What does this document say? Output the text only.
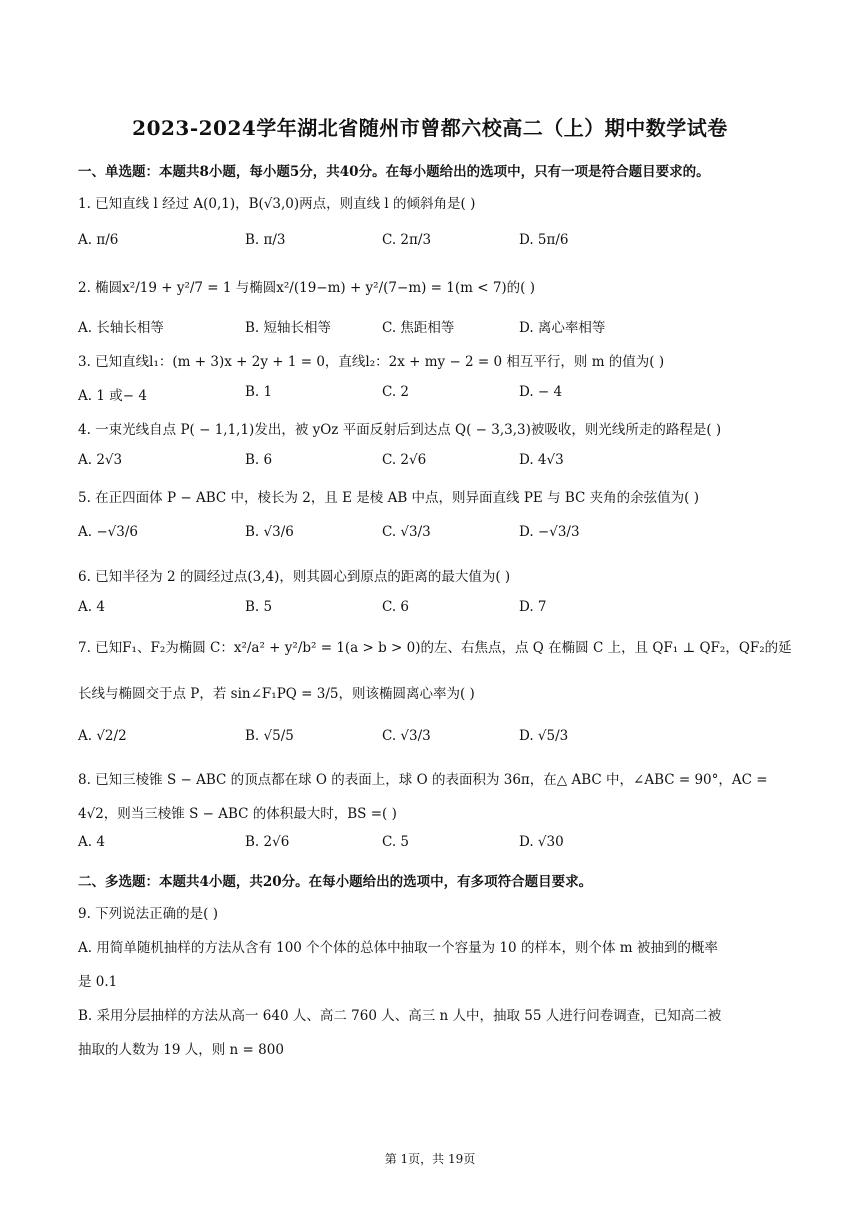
2023-2024学年湖北省随州市曾都六校高二（上）期中数学试卷
一、单选题：本题共8小题，每小题5分，共40分。在每小题给出的选项中，只有一项是符合题目要求的。
1. 已知直线 l 经过 A(0,1)，B(√3,0)两点，则直线 l 的倾斜角是( )
A. π/6	B. π/3	C. 2π/3	D. 5π/6
2. 椭圆x²/19 + y²/7 = 1 与椭圆x²/(19−m) + y²/(7−m) = 1(m < 7)的( )
A. 长轴长相等	B. 短轴长相等	C. 焦距相等	D. 离心率相等
3. 已知直线l₁：(m + 3)x + 2y + 1 = 0，直线l₂：2x + my − 2 = 0 相互平行，则 m 的值为( )
A. 1 或− 4	B. 1	C. 2	D. − 4
4. 一束光线自点 P( − 1,1,1)发出，被 yOz 平面反射后到达点 Q( − 3,3,3)被吸收，则光线所走的路程是( )
A. 2√3	B. 6	C. 2√6	D. 4√3
5. 在正四面体 P − ABC 中，棱长为 2，且 E 是棱 AB 中点，则异面直线 PE 与 BC 夹角的余弦值为( )
A. −√3/6	B. √3/6	C. √3/3	D. −√3/3
6. 已知半径为 2 的圆经过点(3,4)，则其圆心到原点的距离的最大值为( )
A. 4	B. 5	C. 6	D. 7
7. 已知F₁、F₂为椭圆 C：x²/a² + y²/b² = 1(a > b > 0)的左、右焦点，点 Q 在椭圆 C 上，且 QF₁ ⊥ QF₂，QF₂的延
长线与椭圆交于点 P，若 sin∠F₁PQ = 3/5，则该椭圆离心率为( )
A. √2/2	B. √5/5	C. √3/3	D. √5/3
8. 已知三棱锥 S − ABC 的顶点都在球 O 的表面上，球 O 的表面积为 36π，在△ ABC 中，∠ABC = 90°，AC =
4√2，则当三棱锥 S − ABC 的体积最大时，BS =( )
A. 4	B. 2√6	C. 5	D. √30
二、多选题：本题共4小题，共20分。在每小题给出的选项中，有多项符合题目要求。
9. 下列说法正确的是( )
A. 用简单随机抽样的方法从含有 100 个个体的总体中抽取一个容量为 10 的样本，则个体 m 被抽到的概率
是 0.1
B. 采用分层抽样的方法从高一 640 人、高二 760 人、高三 n 人中，抽取 55 人进行问卷调查，已知高二被
抽取的人数为 19 人，则 n = 800
第 1页，共 19页
